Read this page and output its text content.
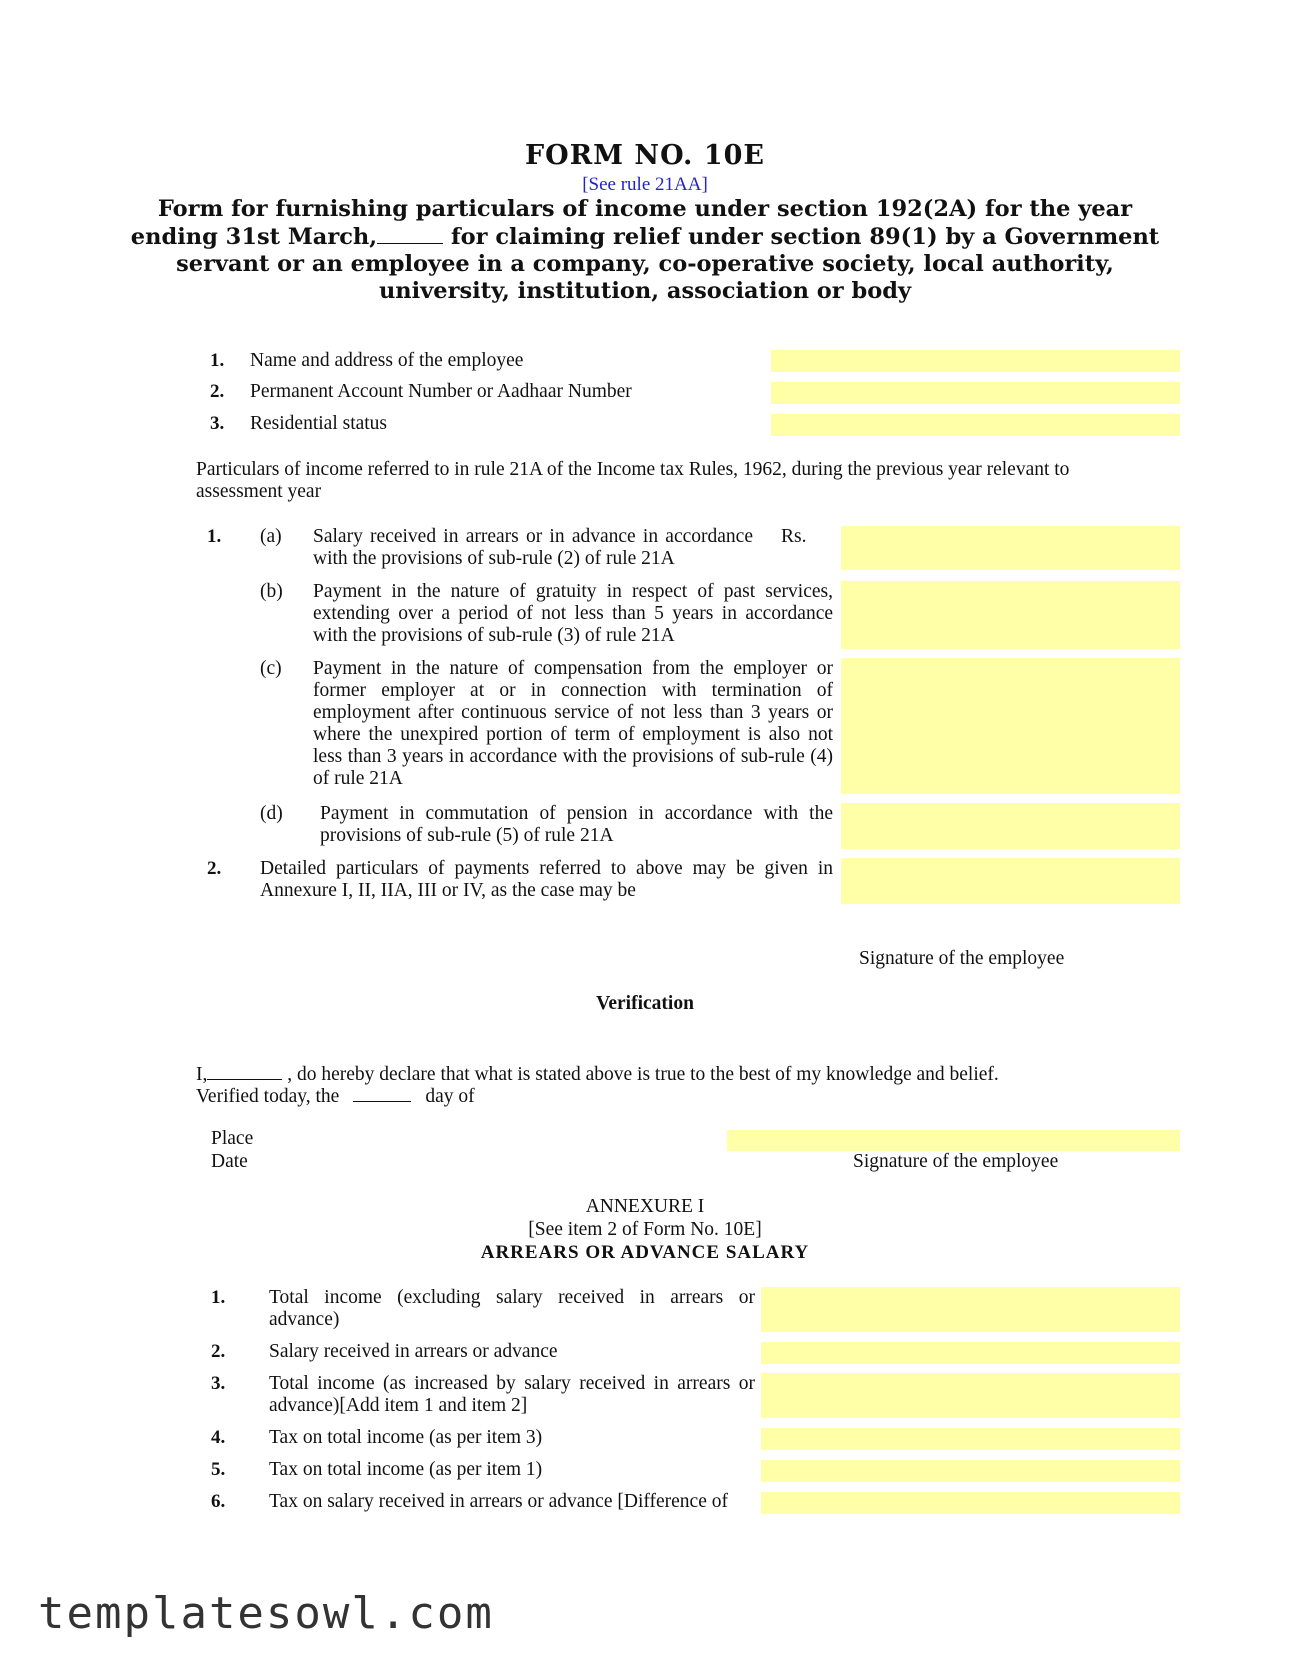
FORM NO. 10E
[See rule 21AA]
Form for furnishing particulars of income under section 192(2A) for the year
ending 31st March,	for claiming relief under section 89(1) by a Government
servant or an employee in a company, co-operative society, local authority,
university, institution, association or body
1. Name and address of the employee
2. Permanent Account Number or Aadhaar Number
3. Residential status
Particulars of income referred to in rule 21A of the Income tax Rules, 1962, during the previous year relevant to assessment year
1. (a) Salary received in arrears or in advance in accordance with the provisions of sub-rule (2) of rule 21A
Rs.
(b) Payment in the nature of gratuity in respect of past services, extending over a period of not less than 5 years in accordance with the provisions of sub-rule (3) of rule 21A
(c) Payment in the nature of compensation from the employer or former employer at or in connection with termination of employment after continuous service of not less than 3 years or where the unexpired portion of term of employment is also not less than 3 years in accordance with the provisions of sub-rule (4) of rule 21A
(d) Payment in commutation of pension in accordance with the provisions of sub-rule (5) of rule 21A
2. Detailed particulars of payments referred to above may be given in Annexure I, II, IIA, III or IV, as the case may be
Signature of the employee
Verification
I,	, do hereby declare that what is stated above is true to the best of my knowledge and belief.
Verified today, the	day of
Place
Date	Signature of the employee
ANNEXURE I
[See item 2 of Form No. 10E]
ARREARS OR ADVANCE SALARY
1. Total income (excluding salary received in arrears or advance)
2. Salary received in arrears or advance
3. Total income (as increased by salary received in arrears or advance)[Add item 1 and item 2]
4. Tax on total income (as per item 3)
5. Tax on total income (as per item 1)
6. Tax on salary received in arrears or advance [Difference of
templatesowl.com
